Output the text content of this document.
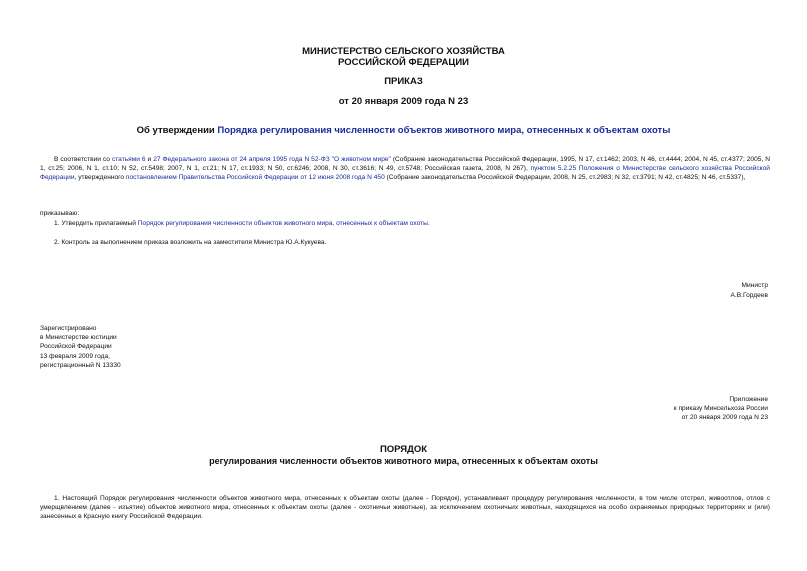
МИНИСТЕРСТВО СЕЛЬСКОГО ХОЗЯЙСТВА
РОССИЙСКОЙ ФЕДЕРАЦИИ
ПРИКАЗ
от 20 января 2009 года N 23
Об утверждении Порядка регулирования численности объектов животного мира, отнесенных к объектам охоты
В соответствии со статьями 6 и 27 Федерального закона от 24 апреля 1995 года N 52-ФЗ "О животном мире" (Собрание законодательства Российской Федерации, 1995, N 17, ст.1462; 2003, N 46, ст.4444; 2004, N 45, ст.4377; 2005, N 1, ст.25; 2006, N 1, ст.10; N 52, ст.5498; 2007, N 1, ст.21; N 17, ст.1933; N 50, ст.6246; 2008, N 30, ст.3616; N 49, ст.5748; Российская газета, 2008, N 267), пунктом 5.2.25 Положения о Министерстве сельского хозяйства Российской Федерации, утвержденного постановлением Правительства Российской Федерации от 12 июня 2008 года N 450 (Собрание законодательства Российской Федерации, 2008, N 25, ст.2983; N 32, ст.3791; N 42, ст.4825; N 46, ст.5337),
приказываю:
1. Утвердить прилагаемый Порядок регулирования численности объектов животного мира, отнесенных к объектам охоты.
2. Контроль за выполнением приказа возложить на заместителя Министра Ю.А.Кукуева.
Министр
А.В.Гордеев
Зарегистрировано
в Министерстве юстиции
Российской Федерации
13 февраля 2009 года,
регистрационный N 13330
Приложение
к приказу Минсельхоза России
от 20 января 2009 года N 23
ПОРЯДОК
регулирования численности объектов животного мира, отнесенных к объектам охоты
1. Настоящий Порядок регулирования численности объектов животного мира, отнесенных к объектам охоты (далее - Порядок), устанавливает процедуру регулирования численности, в том числе отстрел, живоотлов, отлов с умерщвлением (далее - изъятие) объектов животного мира, отнесенных к объектам охоты (далее - охотничьи животные), за исключением охотничьих животных, находящихся на особо охраняемых природных территориях и (или) занесенных в Красную книгу Российской Федерации.
